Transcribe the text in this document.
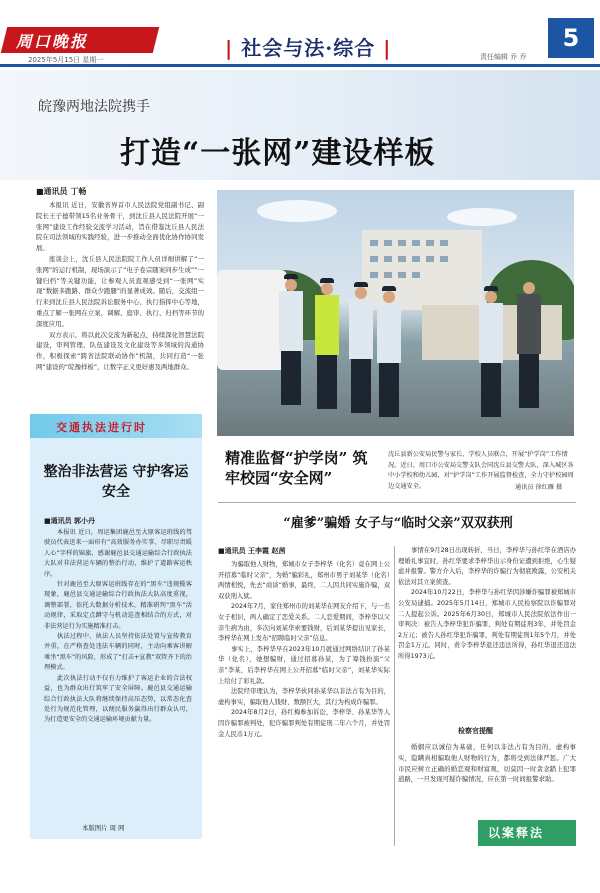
周口晚报
2025年5月15日 星期一	| 社会与法·综合 |	责任编辑 乔 乔
5
皖豫两地法院携手
打造“一张网”建设样板
■通讯员 丁畅

本报讯 近日，安徽省界首市人民法院党组副书记、副院长王子德带领15名业务骨干，到沈丘县人民法院开展“一张网”建设工作经验交流学习活动，旨在借鉴沈丘县人民法院在司法领域的实践经验，进一步推动全面优化协作协同发展。

座谈会上，沈丘县人民法院院工作人员详细讲解了“一张网”的运行机制，现场演示了“电子卷宗随案同步生成”“一键归档”等关键功能，让参观人员直观感受到“一张网”实现“数据多跑路、群众少跑腿”的显著成效。随后，交流组一行来到沈丘县人民法院诉讼服务中心、执行指挥中心等地，重点了解一张网在立案、调解、庭审、执行、归档等环节的深度应用。

双方表示，将以此次交流为新起点，持续深化智慧法院建设，审判管理、队伍建设及文化建设等多领域的沟通协作，积极探索“跨省法院联动协作”机制，共同打造“一张网”建设的“皖豫样板”，让数字正义更好惠及两地群众。

精准监督“护学岗” 筑牢校园“安全网”
沈丘县新公安局民警与家长、学校人员联合，开展“护学岗”工作情况。近日，周口市公安局交警支队会同沈丘县交警大队，深入城区各中小学校和幼儿园，对“护学岗”工作开展监督检查，全力守护校园周边交通安全。	通讯员 徐红雁 摄
交通执法进行时
整治非法营运 守护客运安全
■通讯员 郭小丹

本报讯 近日，周运集团鹿邑至大原客运班线的驾驶员代表送来一面印有“高效服务办实事、尽职尽责暖人心”字样的锦旗，感谢鹿邑县交通运输综合行政执法大队对非法营运车辆的整治行动，维护了道路客运秩序。

针对鹿邑至大原客运班线存在的“黑车”违规揽客现象，鹿邑县交通运输综合行政执法大队高度重视，调整部署，依托大数据分析技术，精准研判“黑车”活动规律，采取定点蹲守与机动巡查相结合的方式，对非法营运行为实施精准打击。

执法过程中，执法人员坚持依法处置与宣传教育并重，在严格查处违法车辆的同时，主动向乘客讲解乘坐“黑车”的风险，形成了“打击+宣教”双管齐下的治理模式。

此次执法行动不仅有力维护了客运企业的合法权益，也为群众出行筑牢了安全屏障。鹿邑县交通运输综合行政执法大队将继续保持高压态势，以常态化查处行为规范化管理，以便民服务赢得出行群众认可，为打造更安全的交通运输环境贡献力量。

本版图片 周 网
“雇爹”骗婚 女子与“临时父亲”双双获刑
■通讯员 王李霞 赵茜

为骗取他人财物，郑城市女子李梓华（化名）竟在网上公开招募“临时父亲”，为婚”骗彩礼，郑州市男子刘某华（化名）两情相悦，先去“商谈”婚事，最终，二人因共同实施诈骗，双双获刑入狱。

2024年7月，家住郑州市的刘某华在网友介绍下，与一名女子相识，两人确定了恋爱关系。二人恋爱期间，李梓华以父亲生病为由，多次向刘某华索要钱财，后刘某华提出见家长，李梓华在网上发布“招聘临时父亲”信息。

事实上，李梓华早在2023年10月就通过网络结识了孙某华（化名），她想骗财，通过招募孙某，为了筹钱扮演“父亲”李某，后李梓华在网上公开招募“临时父亲”，刘某华实际上给付了彩礼款。

法院经审理认为，李梓华伙同孙某华以非法占有为目的，虚构事实，骗取他人钱财，数额巨大，其行为构成诈骗罪。

2024年8月2日，孙红梅参加诉讼，李梓华、孙某华等人因诈骗罪被判处，犯诈骗罪判处有期徒刑二年六个月，并处罚金人民币1万元。

事情在9月28日出现转折，当日，李梓华与孙红华在酒店办理婚礼事宜时，孙红华要求李梓华出示身份证遭到拒绝，心生疑虑并报警。警方介入后，李梓华的诈骗行为彻底败露，公安机关依法对其立案侦查。

2024年10月22日，李梓华与孙红华因涉嫌诈骗罪被郑城市公安局逮捕。2025年5月14日，郑城市人民检察院以诈骗罪对二人提起公诉。2025年6月30日，郑城市人民法院依法作出一审判决：被告人李梓华犯诈骗罪，判处有期徒刑3年，并处罚金2万元；被告人孙红华犯诈骗罪，判处有期徒刑1年5个月，并处罚金1万元。同时，责令李梓华退还违法所得，孙红华退还违法所得1973元。

检察官提醒

婚姻应以诚信为基础，任何以非法占有为目的，虚构事实，隐瞒真相骗取他人财物的行为，都将受到法律严惩。广大市民应树立正确的婚恋观和财富观，切莫因一时贪念踏上犯罪道路，一旦发现可疑诈骗情况，应在第一时间报警求助。

以案释法
